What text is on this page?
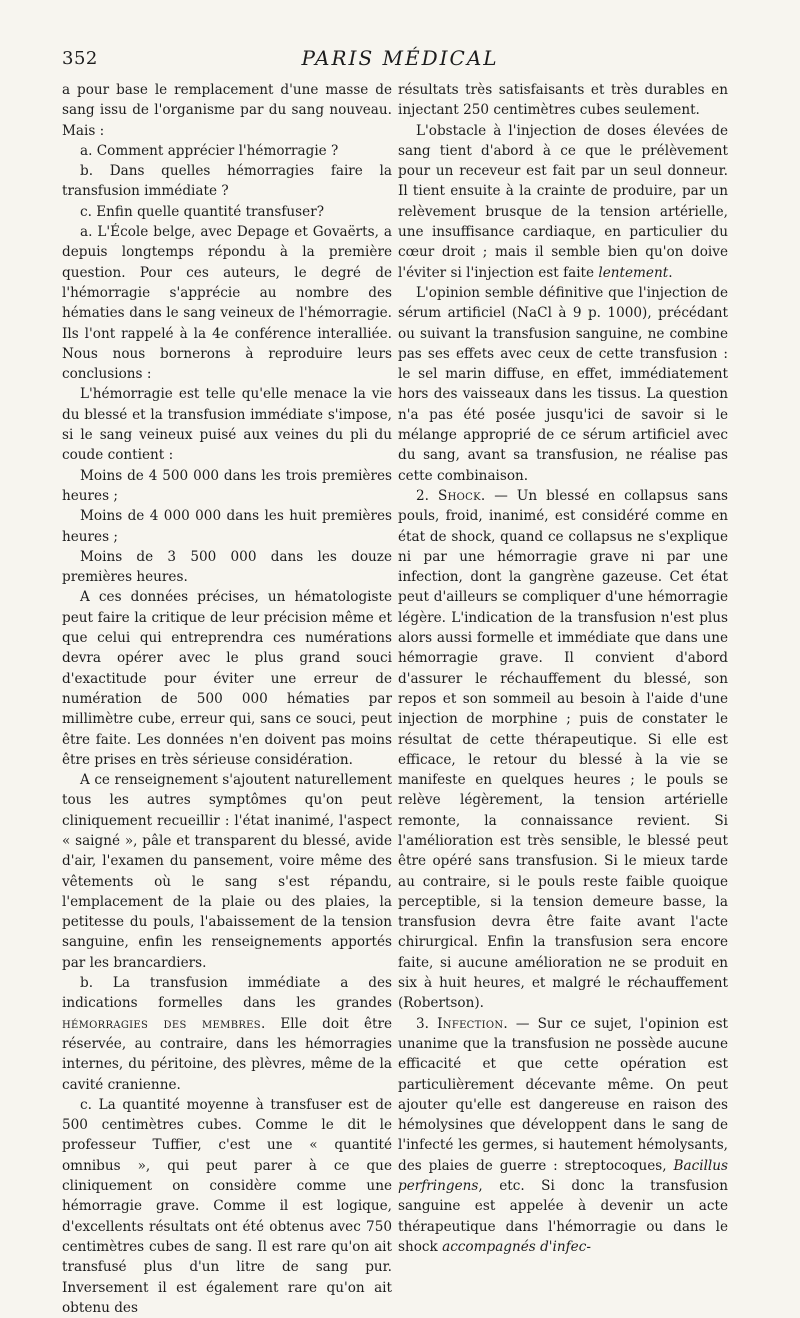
352	PARIS MÉDICAL

a pour base le remplacement d'une masse de sang issu de l'organisme par du sang nouveau. Mais :

a. Comment apprécier l'hémorragie ?

b. Dans quelles hémorragies faire la transfusion immédiate ?

c. Enfin quelle quantité transfuser?

a. L'École belge, avec Depage et Govaërts, a depuis longtemps répondu à la première question. Pour ces auteurs, le degré de l'hémorragie s'apprécie au nombre des hématies dans le sang veineux de l'hémorragie. Ils l'ont rappelé à la 4e conférence interalliée. Nous nous bornerons à reproduire leurs conclusions :

L'hémorragie est telle qu'elle menace la vie du blessé et la transfusion immédiate s'impose, si le sang veineux puisé aux veines du pli du coude contient :

Moins de 4 500 000 dans les trois premières heures ;

Moins de 4 000 000 dans les huit premières heures ;

Moins de 3 500 000 dans les douze premières heures.

A ces données précises, un hématologiste peut faire la critique de leur précision même et que celui qui entreprendra ces numérations devra opérer avec le plus grand souci d'exactitude pour éviter une erreur de numération de 500 000 hématies par millimètre cube, erreur qui, sans ce souci, peut être faite. Les données n'en doivent pas moins être prises en très sérieuse considération.

A ce renseignement s'ajoutent naturellement tous les autres symptômes qu'on peut cliniquement recueillir : l'état inanimé, l'aspect « saigné », pâle et transparent du blessé, avide d'air, l'examen du pansement, voire même des vêtements où le sang s'est répandu, l'emplacement de la plaie ou des plaies, la petitesse du pouls, l'abaissement de la tension sanguine, enfin les renseignements apportés par les brancardiers.

b. La transfusion immédiate a des indications formelles dans les grandes hémorragies des membres. Elle doit être réservée, au contraire, dans les hémorragies internes, du péritoine, des plèvres, même de la cavité cranienne.

c. La quantité moyenne à transfuser est de 500 centimètres cubes. Comme le dit le professeur Tuffier, c'est une « quantité omnibus », qui peut parer à ce que cliniquement on considère comme une hémorragie grave. Comme il est logique, d'excellents résultats ont été obtenus avec 750 centimètres cubes de sang. Il est rare qu'on ait transfusé plus d'un litre de sang pur. Inversement il est également rare qu'on ait obtenu des

résultats très satisfaisants et très durables en injectant 250 centimètres cubes seulement.

L'obstacle à l'injection de doses élevées de sang tient d'abord à ce que le prélèvement pour un receveur est fait par un seul donneur. Il tient ensuite à la crainte de produire, par un relèvement brusque de la tension artérielle, une insuffisance cardiaque, en particulier du cœur droit ; mais il semble bien qu'on doive l'éviter si l'injection est faite lentement.

L'opinion semble définitive que l'injection de sérum artificiel (NaCl à 9 p. 1000), précédant ou suivant la transfusion sanguine, ne combine pas ses effets avec ceux de cette transfusion : le sel marin diffuse, en effet, immédiatement hors des vaisseaux dans les tissus. La question n'a pas été posée jusqu'ici de savoir si le mélange approprié de ce sérum artificiel avec du sang, avant sa transfusion, ne réalise pas cette combinaison.

2. Shock. — Un blessé en collapsus sans pouls, froid, inanimé, est considéré comme en état de shock, quand ce collapsus ne s'explique ni par une hémorragie grave ni par une infection, dont la gangrène gazeuse. Cet état peut d'ailleurs se compliquer d'une hémorragie légère. L'indication de la transfusion n'est plus alors aussi formelle et immédiate que dans une hémorragie grave. Il convient d'abord d'assurer le réchauffement du blessé, son repos et son sommeil au besoin à l'aide d'une injection de morphine ; puis de constater le résultat de cette thérapeutique. Si elle est efficace, le retour du blessé à la vie se manifeste en quelques heures ; le pouls se relève légèrement, la tension artérielle remonte, la connaissance revient. Si l'amélioration est très sensible, le blessé peut être opéré sans transfusion. Si le mieux tarde au contraire, si le pouls reste faible quoique perceptible, si la tension demeure basse, la transfusion devra être faite avant l'acte chirurgical. Enfin la transfusion sera encore faite, si aucune amélioration ne se produit en six à huit heures, et malgré le réchauffement (Robertson).

3. Infection. — Sur ce sujet, l'opinion est unanime que la transfusion ne possède aucune efficacité et que cette opération est particulièrement décevante même. On peut ajouter qu'elle est dangereuse en raison des hémolysines que développent dans le sang de l'infecté les germes, si hautement hémolysants, des plaies de guerre : streptocoques, Bacillus perfringens, etc. Si donc la transfusion sanguine est appelée à devenir un acte thérapeutique dans l'hémorragie ou dans le shock accompagnés d'infec-
